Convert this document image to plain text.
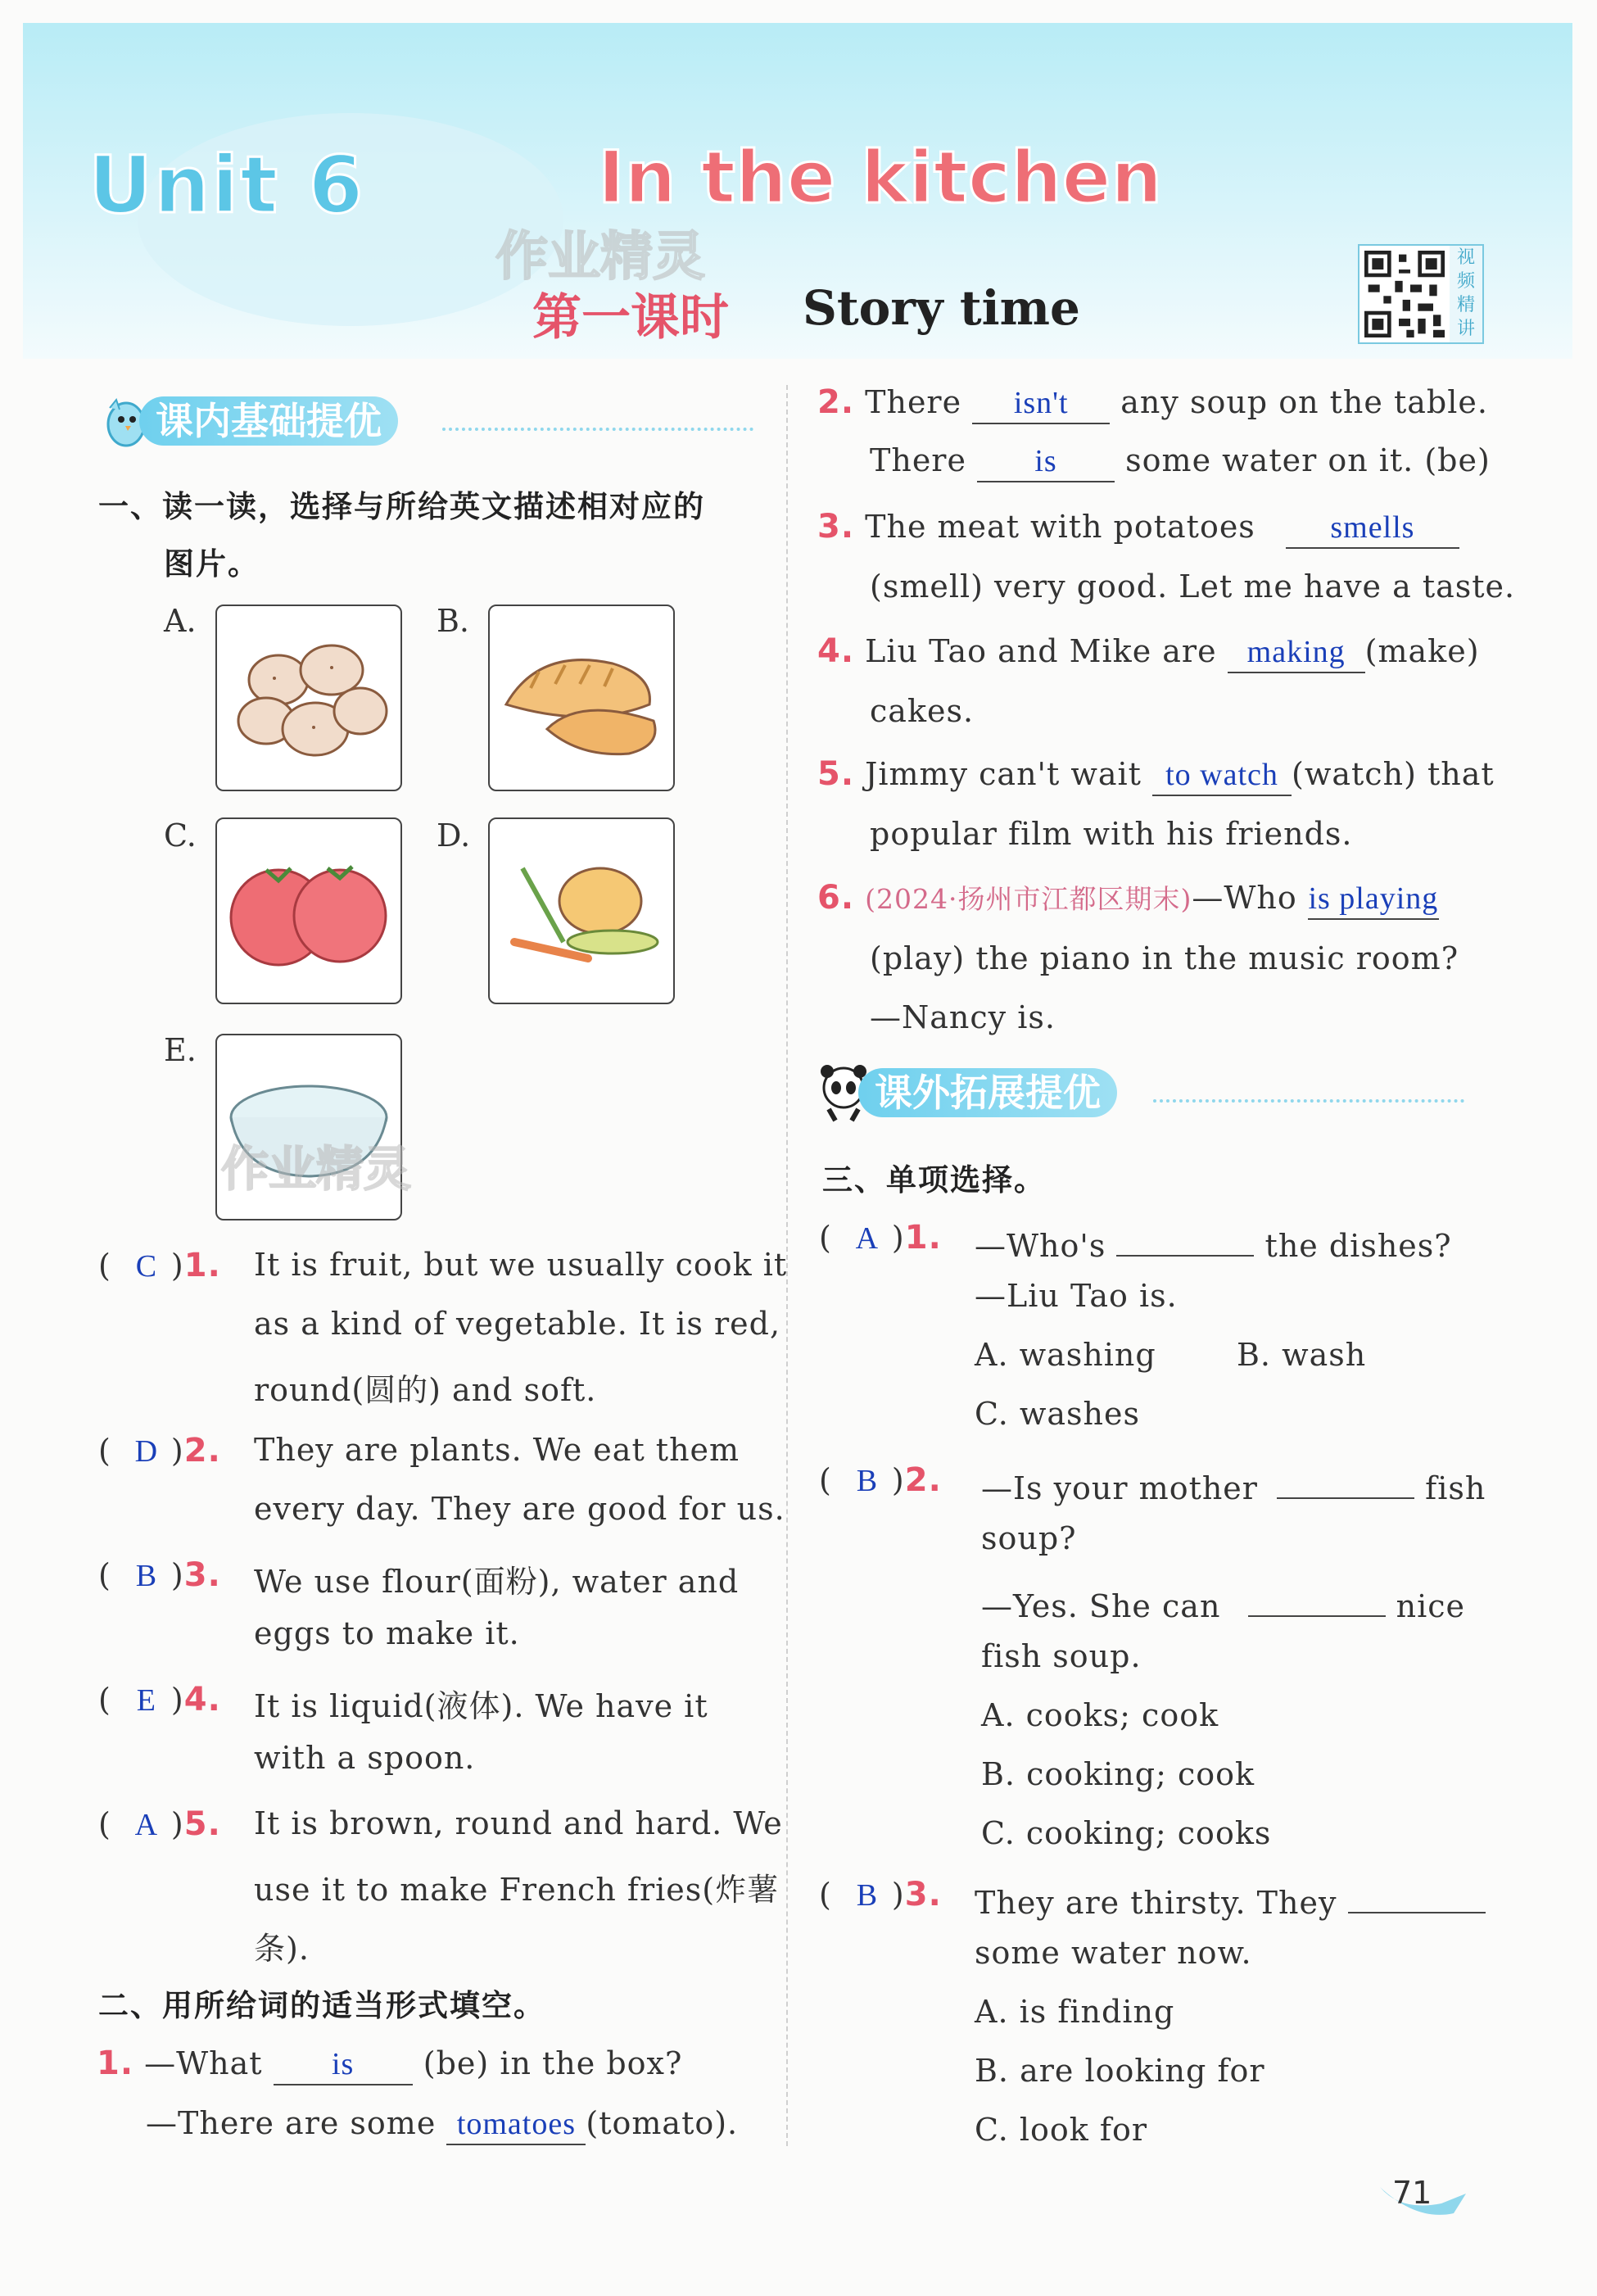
Unit 6	In the kitchen
作业精灵
第一课时 Story time
视
频
精
讲
课内基础提优
一、读一读，选择与所给英文描述相对应的
图片。
A.	B.
C.	D.
E.
作业精灵
( C )1. It is fruit, but we usually cook it
as a kind of vegetable. It is red,
round(圆的) and soft.
( D )2. They are plants. We eat them
every day. They are good for us.
( B )3. We use flour(面粉), water and
eggs to make it.
( E )4. It is liquid(液体). We have it
with a spoon.
( A )5. It is brown, round and hard. We
use it to make French fries(炸薯
条).
二、用所给词的适当形式填空。
1. —What is (be) in the box?
—There are some tomatoes (tomato).
2. There isn't any soup on the table.
There is some water on it. (be)
3. The meat with potatoes smells
(smell) very good. Let me have a taste.
4. Liu Tao and Mike are making (make)
cakes.
5. Jimmy can't wait to watch (watch) that
popular film with his friends.
6. (2024·扬州市江都区期末)—Who is playing
(play) the piano in the music room?
—Nancy is.
课外拓展提优
三、单项选择。
( A )1. —Who's	the dishes?
—Liu Tao is.
A. washing	B. wash
C. washes
( B )2. —Is your mother	fish
soup?
—Yes. She can	nice
fish soup.
A. cooks; cook
B. cooking; cook
C. cooking; cooks
( B )3. They are thirsty. They
some water now.
A. is finding
B. are looking for
C. look for
71
